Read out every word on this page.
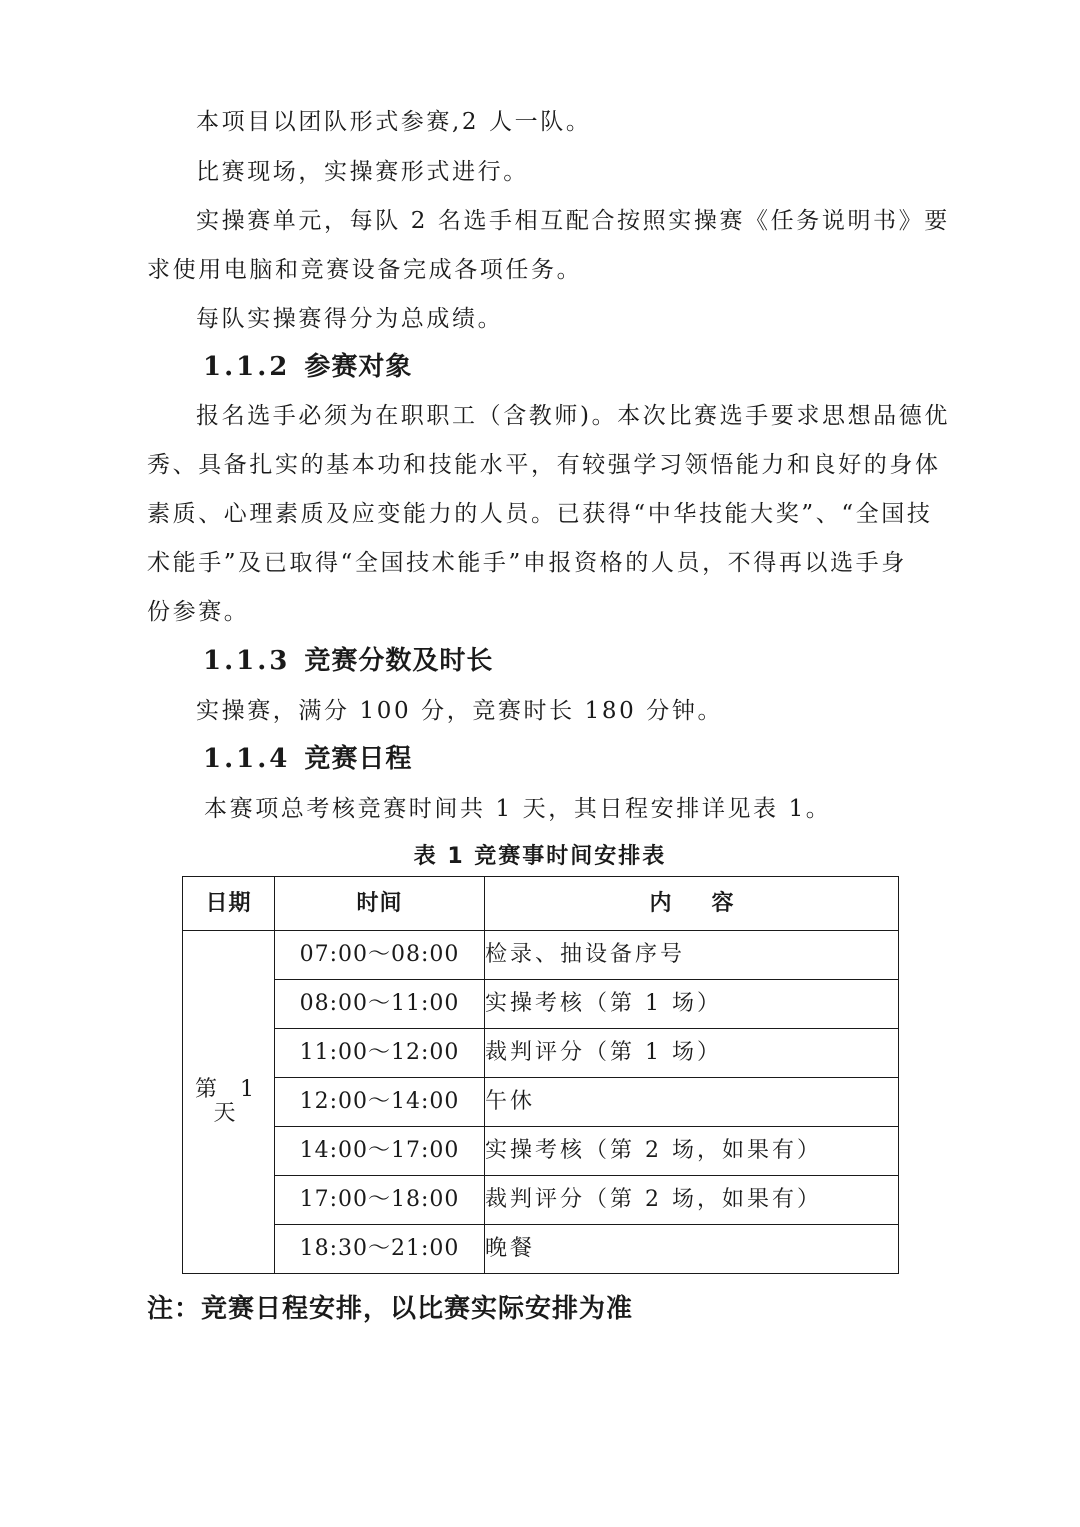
本项目以团队形式参赛,2 人一队。
比赛现场，实操赛形式进行。
实操赛单元，每队 2 名选手相互配合按照实操赛《任务说明书》要
求使用电脑和竞赛设备完成各项任务。
每队实操赛得分为总成绩。
1.1.2 参赛对象
报名选手必须为在职职工（含教师)。本次比赛选手要求思想品德优
秀、具备扎实的基本功和技能水平，有较强学习领悟能力和良好的身体
素质、心理素质及应变能力的人员。已获得“中华技能大奖”、“全国技
术能手”及已取得“全国技术能手”申报资格的人员，不得再以选手身
份参赛。
1.1.3 竞赛分数及时长
实操赛，满分 100 分，竞赛时长 180 分钟。
1.1.4 竞赛日程
本赛项总考核竞赛时间共 1 天，其日程安排详见表 1。
表 1 竞赛事时间安排表
日期	时间	内容
第 1 天	07:00～08:00	检录、抽设备序号
	08:00～11:00	实操考核（第 1 场）
	11:00～12:00	裁判评分（第 1 场）
	12:00～14:00	午休
	14:00～17:00	实操考核（第 2 场，如果有）
	17:00～18:00	裁判评分（第 2 场，如果有）
	18:30～21:00	晚餐
注：竞赛日程安排，以比赛实际安排为准
